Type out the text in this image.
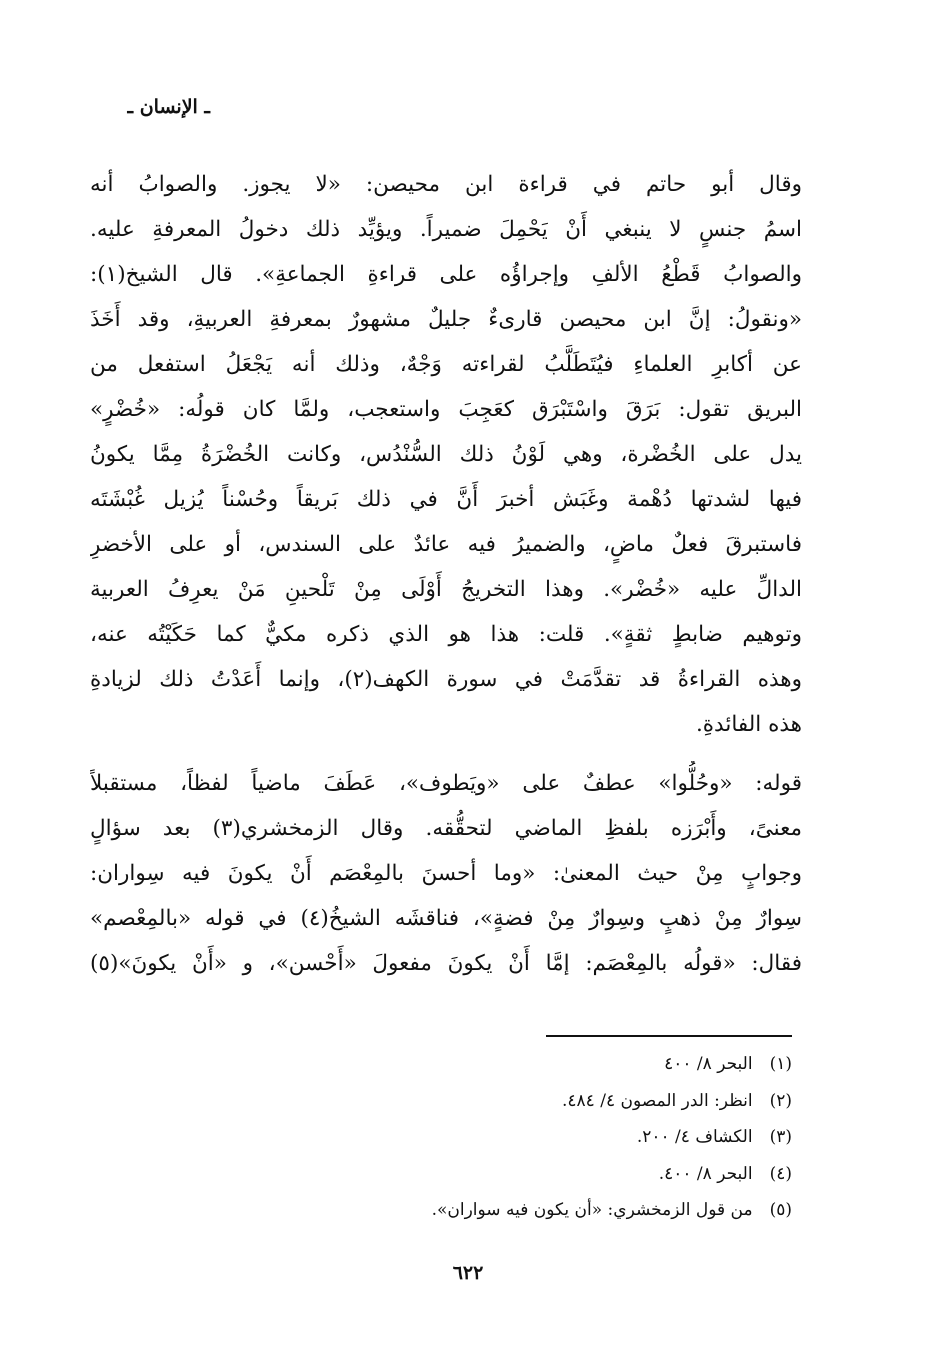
ـ الإنسان ـ
وقال أبو حاتم في قراءة ابن محيصن: «لا يجوز. والصوابُ أنه
اسمُ جنسٍ لا ينبغي أَنْ يَحْمِلَ ضميراً. ويؤيِّد ذلك دخولُ المعرفةِ عليه.
والصوابُ قَطْعُ الألفِ وإجراؤُه على قراءةِ الجماعةِ». قال الشيخ(١):
«ونقولُ: إنَّ ابن محيصن قارىءٌ جليلٌ مشهورٌ بمعرفةِ العربيةِ، وقد أَخَذَ
عن أكابرِ العلماءِ فيُتَطَلَّبُ لقراءته وَجْهٌ، وذلك أنه يَجْعَلُ استفعل من
البريق تقول: بَرَقَ واسْتَبْرَق كعَجِبَ واستعجب، ولمَّا كان قولُه: «خُضْرٍ»
يدل على الخُضْرة، وهي لَوْنُ ذلك السُّنْدُس، وكانت الخُضْرَةُ مِمَّا يكونُ
فيها لشدتها دُهْمة وغَبَش أخبرَ أَنَّ في ذلك بَريقاً وحُسْناً يُزيل غُبْشَتَه
فاستبرقَ فعلٌ ماضٍ، والضميرُ فيه عائدٌ على السندس، أو على الأخضرِ
الدالِّ عليه «خُضْر». وهذا التخريجُ أَوْلَى مِنْ تَلْحينِ مَنْ يعرِفُ العربية
وتوهيم ضابطٍ ثقةٍ». قلت: هذا هو الذي ذكره مكيٌّ كما حَكَيْتُه عنه،
وهذه القراءةُ قد تقدَّمَتْ في سورة الكهف(٢)، وإنما أَعَدْتُ ذلك لزيادةِ
هذه الفائدةِ.
قوله: «وحُلُّوا» عطفٌ على «ويَطوف»، عَطَفَ ماضياً لفظاً، مستقبلاً
معنىً، وأَبْرَزه بلفظِ الماضي لتحقُّقه. وقال الزمخشري(٣) بعد سؤالٍ
وجوابٍ مِنْ حيث المعنىٰ: «وما أحسنَ بالمِعْصَم أَنْ يكونَ فيه سِواران:
سِوارٌ مِنْ ذهبٍ وسِوارٌ مِنْ فضةٍ»، فناقشَه الشيخُ(٤) في قوله «بالمِعْصم»
فقال: «قولُه بالمِعْصَم: إمَّا أَنْ يكونَ مفعولَ «أَحْسن»، و «أَنْ يكونَ»(٥)
(١) البحر ٨/ ٤٠٠
(٢) انظر: الدر المصون ٤/ ٤٨٤.
(٣) الكشاف ٤/ ٢٠٠.
(٤) البحر ٨/ ٤٠٠.
(٥) من قول الزمخشري: «أن يكون فيه سواران».
٦٢٢
